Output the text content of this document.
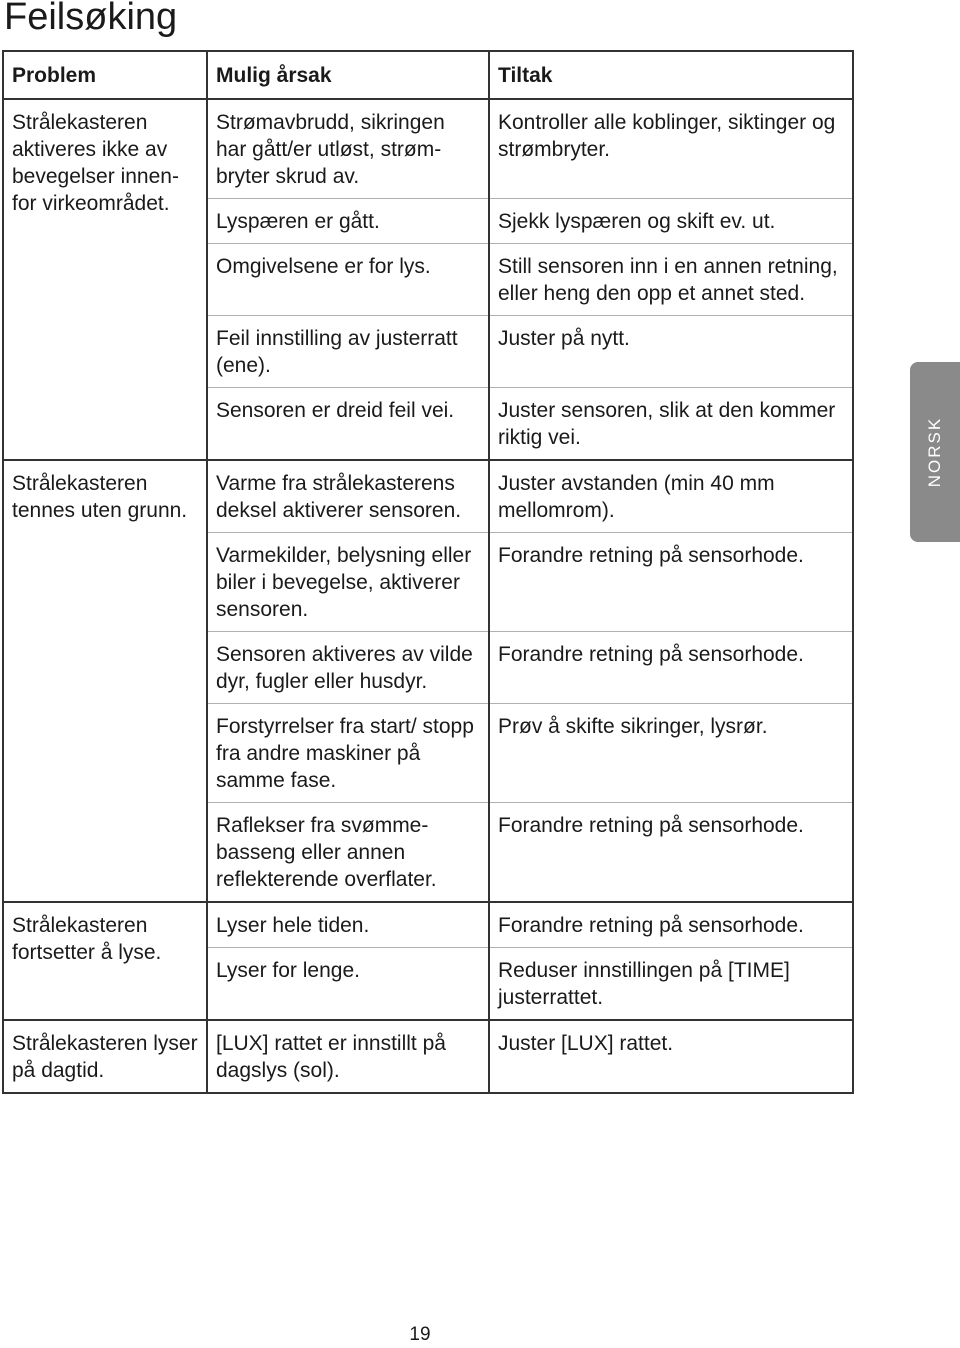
Feilsøking
Problem	Mulig årsak	Tiltak
Strålekasteren aktiveres ikke av bevegelser innen-for virkeområdet.	Strømavbrudd, sikringen har gått/er utløst, strøm-bryter skrud av.	Kontroller alle koblinger, siktinger og strømbryter.
	Lyspæren er gått.	Sjekk lyspæren og skift ev. ut.
	Omgivelsene er for lys.	Still sensoren inn i en annen retning, eller heng den opp et annet sted.
	Feil innstilling av justerratt (ene).	Juster på nytt.
	Sensoren er dreid feil vei.	Juster sensoren, slik at den kommer riktig vei.
Strålekasteren tennes uten grunn.	Varme fra strålekasterens deksel aktiverer sensoren.	Juster avstanden (min 40 mm mellomrom).
	Varmekilder, belysning eller biler i bevegelse, aktiverer sensoren.	Forandre retning på sensorhode.
	Sensoren aktiveres av vilde dyr, fugler eller husdyr.	Forandre retning på sensorhode.
	Forstyrrelser fra start/ stopp fra andre maskiner på samme fase.	Prøv å skifte sikringer, lysrør.
	Raflekser fra svømme-basseng eller annen reflekterende overflater.	Forandre retning på sensorhode.
Strålekasteren fortsetter å lyse.	Lyser hele tiden.	Forandre retning på sensorhode.
	Lyser for lenge.	Reduser innstillingen på [TIME] justerrattet.
Strålekasteren lyser på dagtid.	[LUX] rattet er innstillt på dagslys (sol).	Juster [LUX] rattet.
NORSK
19
